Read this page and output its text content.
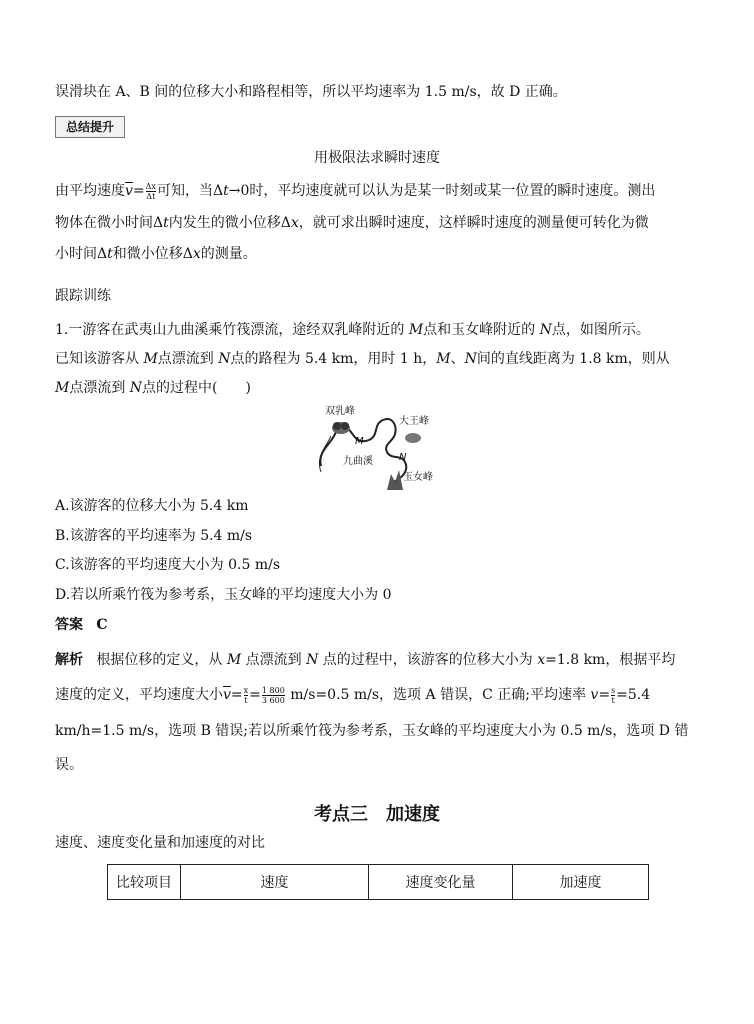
误滑块在 A、B 间的位移大小和路程相等，所以平均速率为 1.5 m/s，故 D 正确。
总结提升
用极限法求瞬时速度
由平均速度$\overline{v}= \frac{\Delta x}{\Delta t}$ 可知，当Δt→0时，平均速度就可以认为是某一时刻或某一位置的瞬时速度。测出
物体在微小时间Δt内发生的微小位移Δx，就可求出瞬时速度，这样瞬时速度的测量便可转化为微
小时间Δt和微小位移Δx的测量。
跟踪训练
1.一游客在武夷山九曲溪乘竹筏漂流，途经双乳峰附近的 M点和玉女峰附近的 N点，如图所示。
已知该游客从 M点漂流到 N点的路程为 5.4 km，用时 1 h，M、N间的直线距离为 1.8 km，则从
M点漂流到 N点的过程中(　　)
双乳峰
大王峰
九曲溪
玉女峰
M
N
A.该游客的位移大小为 5.4 km
B.该游客的平均速率为 5.4 m/s
C.该游客的平均速度大小为 0.5 m/s
D.若以所乘竹筏为参考系，玉女峰的平均速度大小为 0
答案 C
解析 根据位移的定义，从 M 点漂流到 N 点的过程中，该游客的位移大小为 x=1.8 km，根据平均
速度的定义，平均速度大小$\overline{v}= \frac{x}{t} = \frac{1 800}{3 600} m/s=0.5$ m/s，选项 A 错误，C 正确;平均速率 $v= \frac{s}{t} =5.4$
km/h=1.5 m/s，选项 B 错误;若以所乘竹筏为参考系，玉女峰的平均速度大小为 0.5 m/s，选项 D 错
误。
考点三　加速度
速度、速度变化量和加速度的对比
比较项目	速度	速度变化量	加速度
